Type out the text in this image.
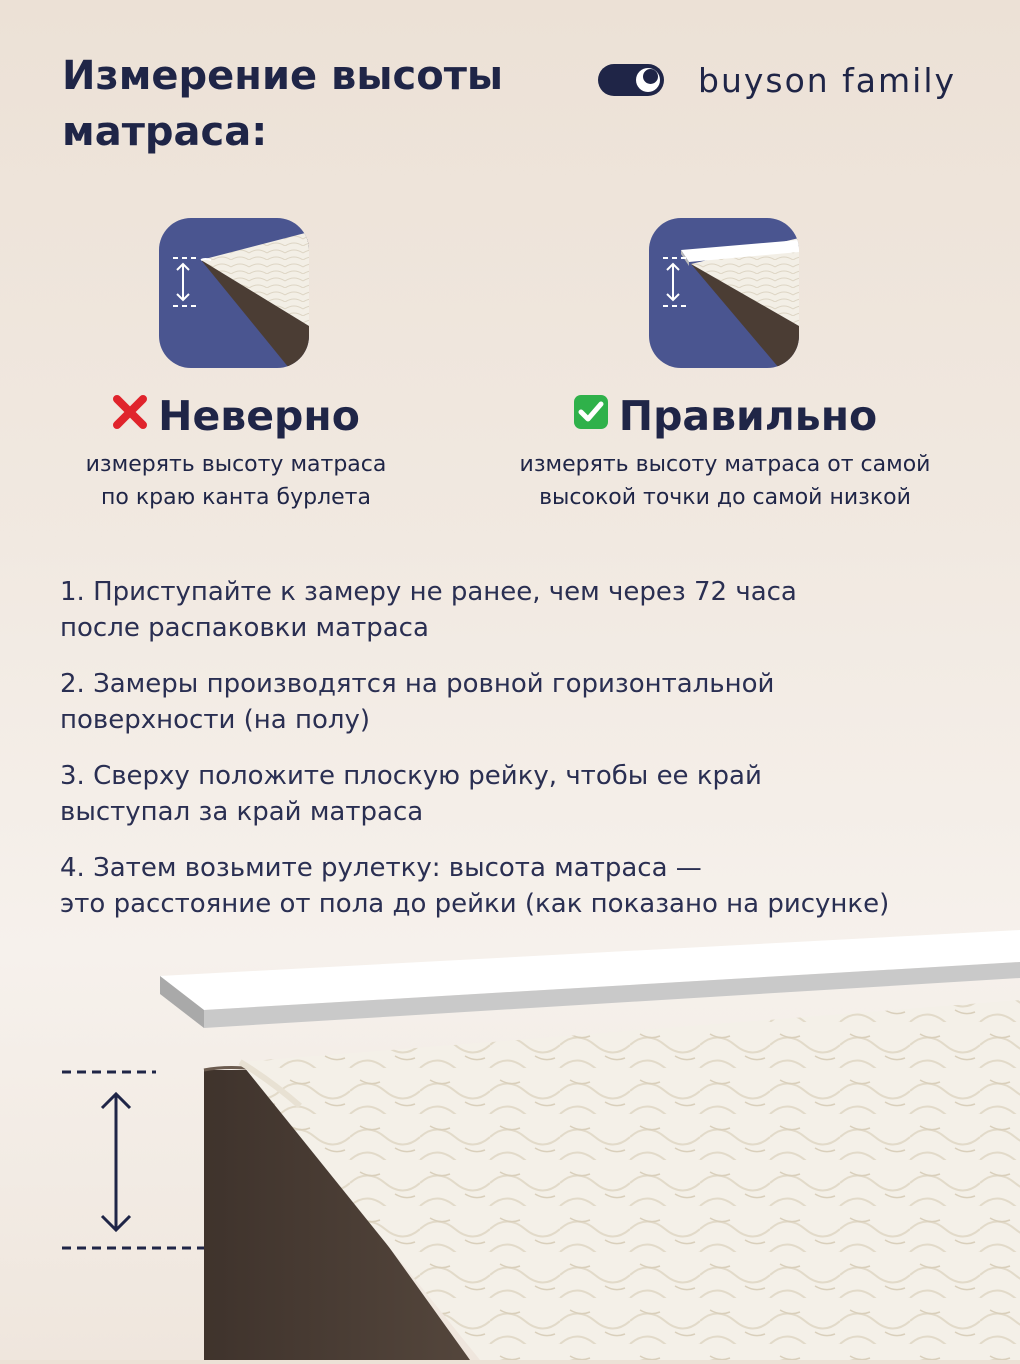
Измерение высоты
матраса:
buyson family
Неверно
измерять высоту матраса
по краю канта бурлета
Правильно
измерять высоту матраса от самой
высокой точки до самой низкой
1. Приступайте к замеру не ранее, чем через 72 часа
после распаковки матраса
2. Замеры производятся на ровной горизонтальной
поверхности (на полу)
3. Сверху положите плоскую рейку, чтобы ее край
выступал за край матраса
4. Затем возьмите рулетку: высота матраса —
это расстояние от пола до рейки (как показано на рисунке)
